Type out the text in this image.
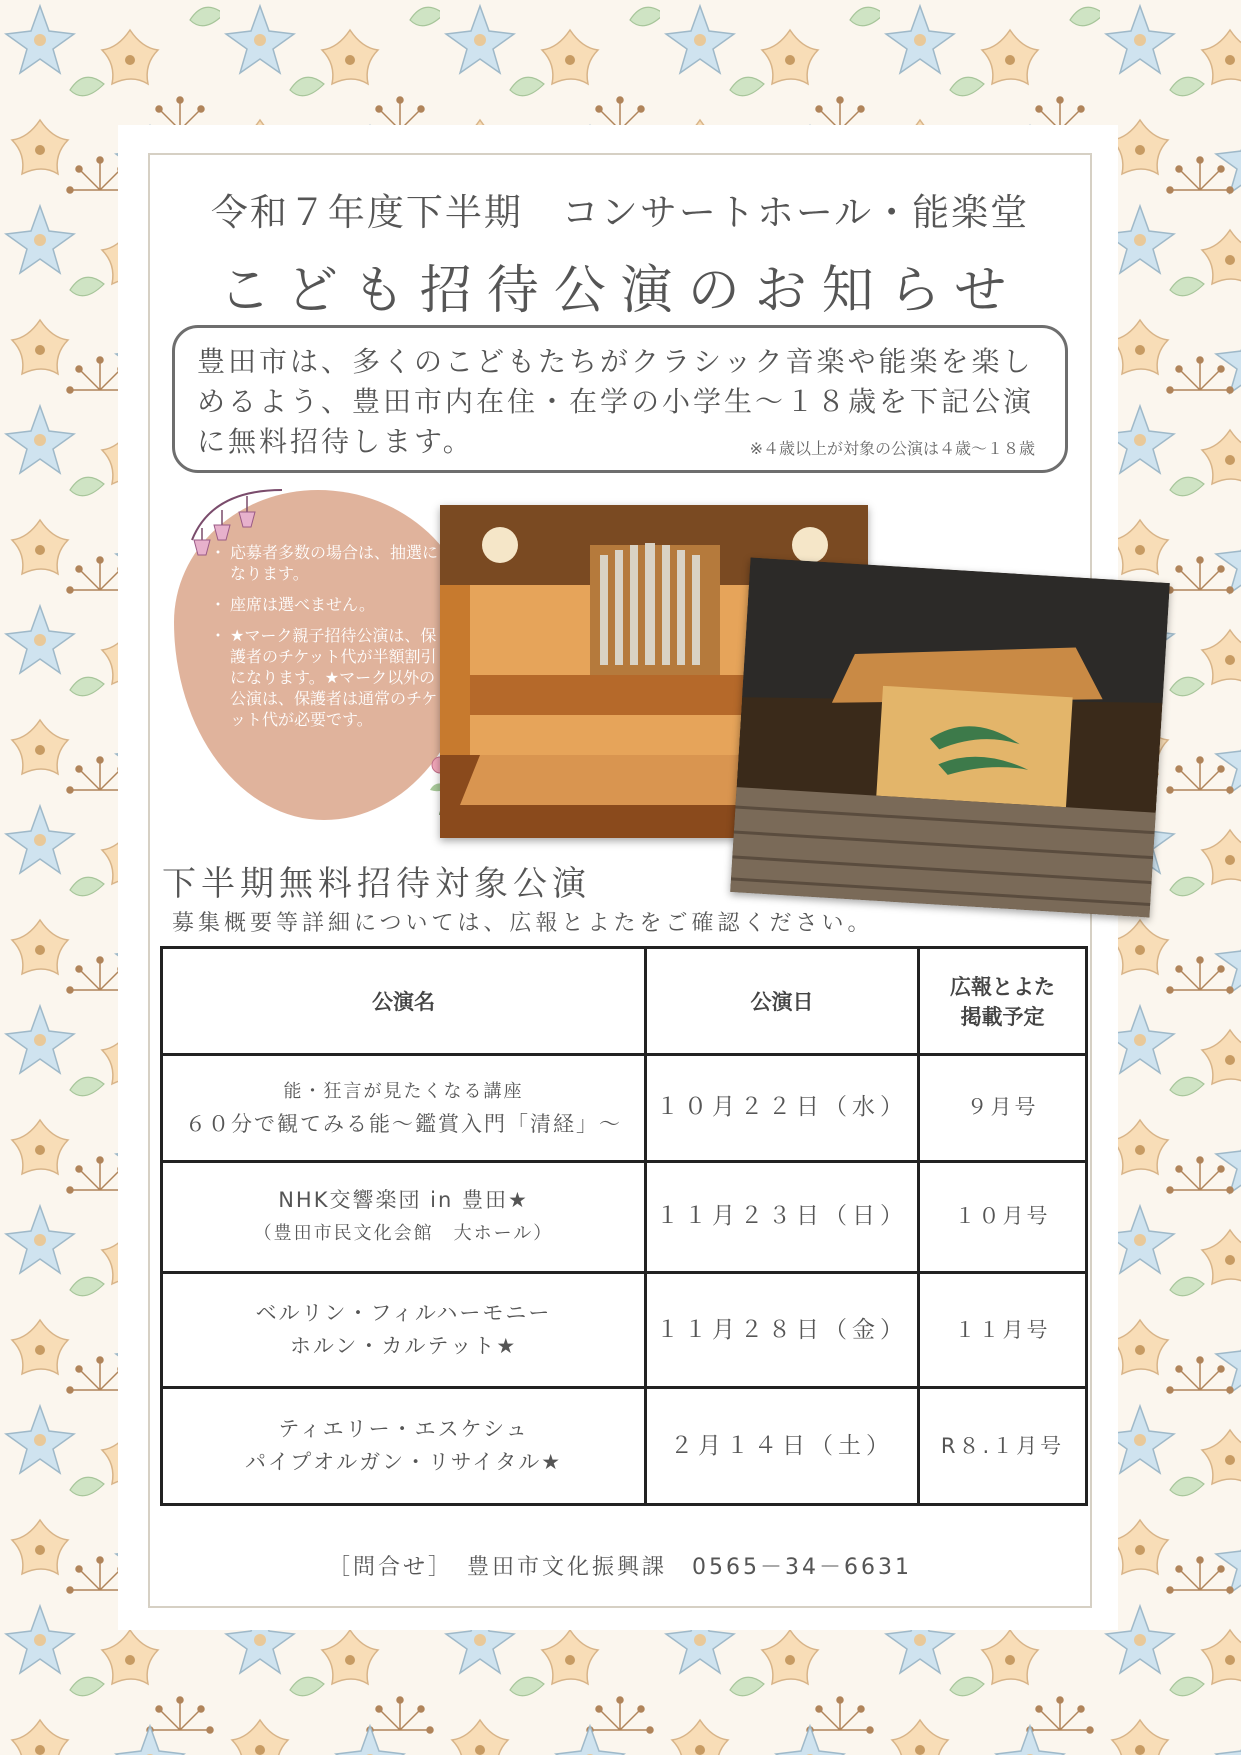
令和７年度下半期　コンサートホール・能楽堂
こども招待公演のお知らせ
豊田市は、多くのこどもたちがクラシック音楽や能楽を楽しめるよう、豊田市内在住・在学の小学生～１８歳を下記公演に無料招待します。	※４歳以上が対象の公演は４歳～１８歳
・ 応募者多数の場合は、抽選になります。
・ 座席は選べません。
・ ★マーク親子招待公演は、保護者のチケット代が半額割引になります。★マーク以外の公演は、保護者は通常のチケット代が必要です。
下半期無料招待対象公演
募集概要等詳細については、広報とよたをご確認ください。
公演名	公演日	広報とよた
掲載予定

能・狂言が見たくなる講座
６０分で観てみる能～鑑賞入門「清経」～	１０月２２日（水）	９月号

NHK交響楽団 in 豊田★
（豊田市民文化会館　大ホール）	１１月２３日（日）	１０月号

ベルリン・フィルハーモニー
ホルン・カルテット★	１１月２８日（金）	１１月号

ティエリー・エスケシュ
パイプオルガン・リサイタル★	２月１４日（土）	R８.１月号
［問合せ］　豊田市文化振興課　0565－34－6631
